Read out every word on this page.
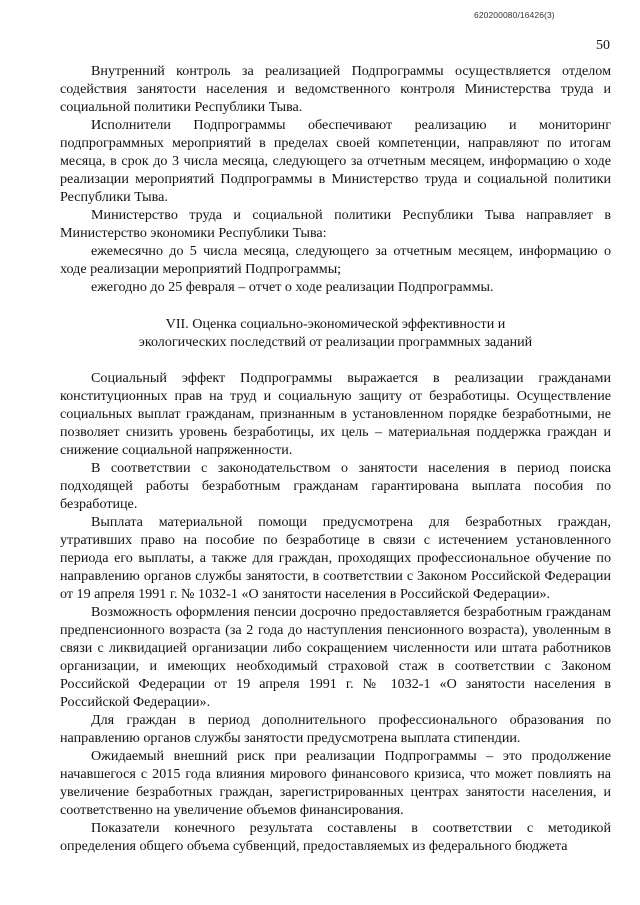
620200080/16426(3)
50

Внутренний контроль за реализацией Подпрограммы осуществляется отделом содействия занятости населения и ведомственного контроля Министерства труда и социальной политики Республики Тыва.

Исполнители Подпрограммы обеспечивают реализацию и мониторинг подпрограммных мероприятий в пределах своей компетенции, направляют по итогам месяца, в срок до 3 числа месяца, следующего за отчетным месяцем, информацию о ходе реализации мероприятий Подпрограммы в Министерство труда и социальной политики Республики Тыва.

Министерство труда и социальной политики Республики Тыва направляет в Министерство экономики Республики Тыва:

ежемесячно до 5 числа месяца, следующего за отчетным месяцем, информацию о ходе реализации мероприятий Подпрограммы;

ежегодно до 25 февраля – отчет о ходе реализации Подпрограммы.

VII. Оценка социально-экономической эффективности и

экологических последствий от реализации программных заданий

Социальный эффект Подпрограммы выражается в реализации гражданами конституционных прав на труд и социальную защиту от безработицы. Осуществление социальных выплат гражданам, признанным в установленном порядке безработными, не позволяет снизить уровень безработицы, их цель – материальная поддержка граждан и снижение социальной напряженности.

В соответствии с законодательством о занятости населения в период поиска подходящей работы безработным гражданам гарантирована выплата пособия по безработице.

Выплата материальной помощи предусмотрена для безработных граждан, утративших право на пособие по безработице в связи с истечением установленного периода его выплаты, а также для граждан, проходящих профессиональное обучение по направлению органов службы занятости, в соответствии с Законом Российской Федерации от 19 апреля 1991 г. № 1032-1 «О занятости населения в Российской Федерации».

Возможность оформления пенсии досрочно предоставляется безработным гражданам предпенсионного возраста (за 2 года до наступления пенсионного возраста), уволенным в связи с ликвидацией организации либо сокращением численности или штата работников организации, и имеющих необходимый страховой стаж в соответствии с Законом Российской Федерации от 19 апреля 1991 г. № 1032-1 «О занятости населения в Российской Федерации».

Для граждан в период дополнительного профессионального образования по направлению органов службы занятости предусмотрена выплата стипендии.

Ожидаемый внешний риск при реализации Подпрограммы – это продолжение начавшегося с 2015 года влияния мирового финансового кризиса, что может повлиять на увеличение безработных граждан, зарегистрированных центрах занятости населения, и соответственно на увеличение объемов финансирования.

Показатели конечного результата составлены в соответствии с методикой определения общего объема субвенций, предоставляемых из федерального бюджета
